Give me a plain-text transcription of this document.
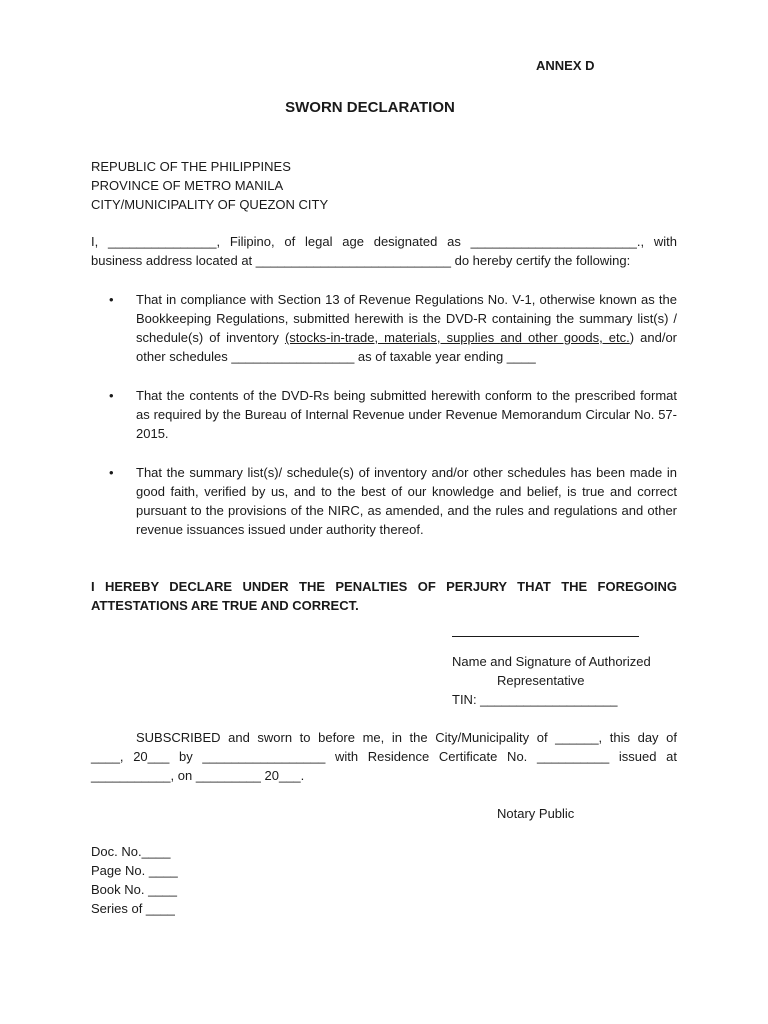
ANNEX D
SWORN DECLARATION
REPUBLIC OF THE PHILIPPINES
PROVINCE OF METRO MANILA
CITY/MUNICIPALITY OF QUEZON CITY
I, _______________, Filipino, of legal age designated as _______________________., with
business address located at ___________________________ do hereby certify the following:
• That in compliance with Section 13 of Revenue Regulations No. V-1, otherwise known as the Bookkeeping Regulations, submitted herewith is the DVD-R containing the summary list(s) / schedule(s) of inventory (stocks-in-trade, materials, supplies and other goods, etc.) and/or other schedules _________________ as of taxable year ending ____
• That the contents of the DVD-Rs being submitted herewith conform to the prescribed format as required by the Bureau of Internal Revenue under Revenue Memorandum Circular No. 57-2015.
• That the summary list(s)/ schedule(s) of inventory and/or other schedules has been made in good faith, verified by us, and to the best of our knowledge and belief, is true and correct pursuant to the provisions of the NIRC, as amended, and the rules and regulations and other revenue issuances issued under authority thereof.
I HEREBY DECLARE UNDER THE PENALTIES OF PERJURY THAT THE FOREGOING ATTESTATIONS ARE TRUE AND CORRECT.
Name and Signature of Authorized
Representative
TIN: ___________________
SUBSCRIBED and sworn to before me, in the City/Municipality of ______, this day of
____, 20___ by _________________ with Residence Certificate No. __________ issued at
___________, on _________ 20___.
Notary Public
Doc. No.____
Page No. ____
Book No. ____
Series of ____
